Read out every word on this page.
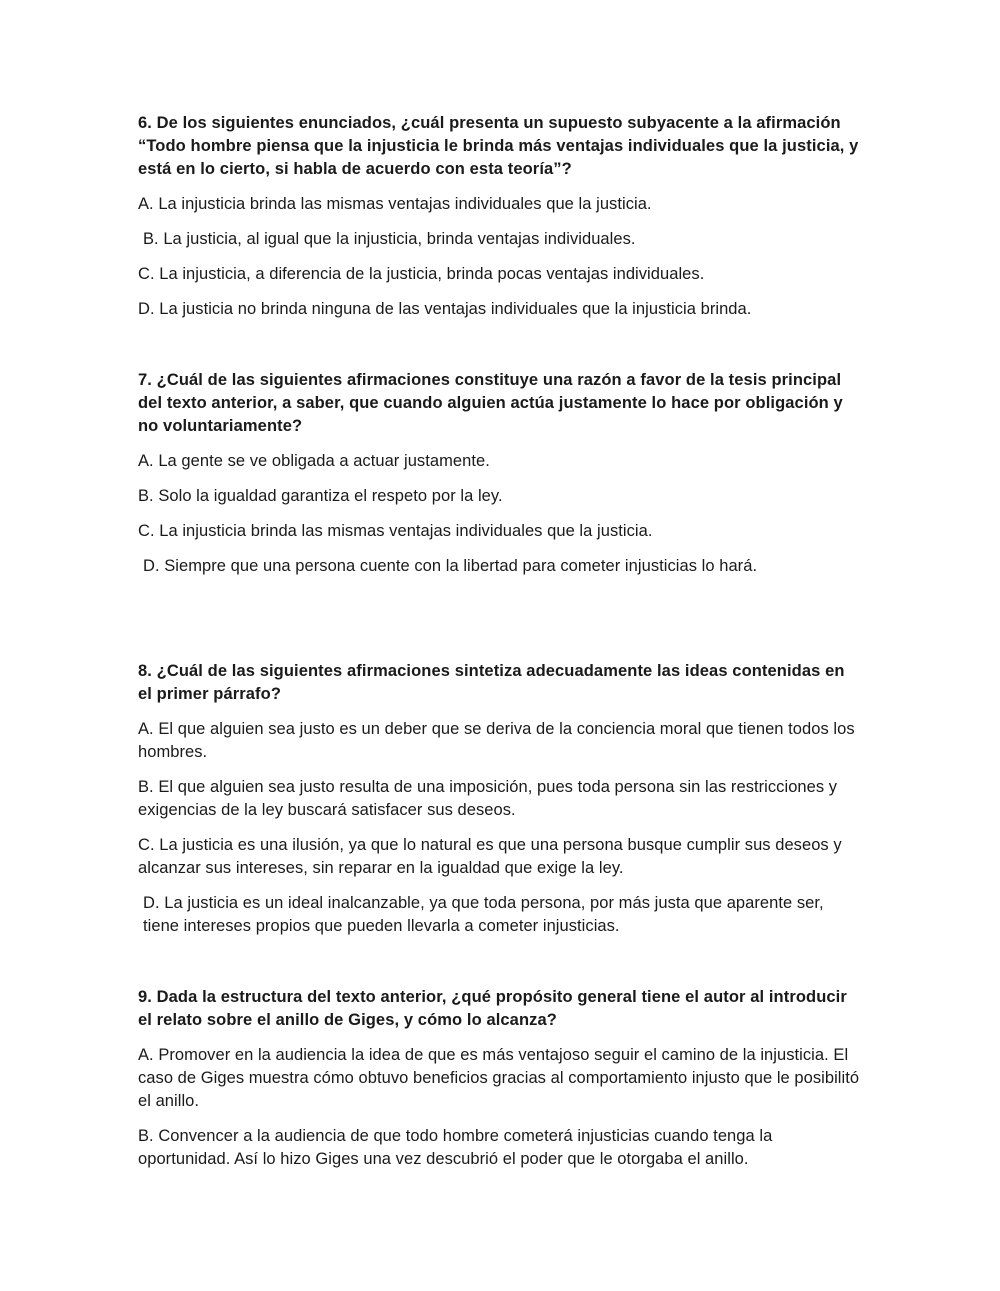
6. De los siguientes enunciados, ¿cuál presenta un supuesto subyacente a la afirmación “Todo hombre piensa que la injusticia le brinda más ventajas individuales que la justicia, y está en lo cierto, si habla de acuerdo con esta teoría”?

A. La injusticia brinda las mismas ventajas individuales que la justicia.

B. La justicia, al igual que la injusticia, brinda ventajas individuales.

C. La injusticia, a diferencia de la justicia, brinda pocas ventajas individuales.

D. La justicia no brinda ninguna de las ventajas individuales que la injusticia brinda.

7. ¿Cuál de las siguientes afirmaciones constituye una razón a favor de la tesis principal del texto anterior, a saber, que cuando alguien actúa justamente lo hace por obligación y no voluntariamente?

A. La gente se ve obligada a actuar justamente.

B. Solo la igualdad garantiza el respeto por la ley.

C. La injusticia brinda las mismas ventajas individuales que la justicia.

D. Siempre que una persona cuente con la libertad para cometer injusticias lo hará.

8. ¿Cuál de las siguientes afirmaciones sintetiza adecuadamente las ideas contenidas en el primer párrafo?

A. El que alguien sea justo es un deber que se deriva de la conciencia moral que tienen todos los hombres.

B. El que alguien sea justo resulta de una imposición, pues toda persona sin las restricciones y exigencias de la ley buscará satisfacer sus deseos.

C. La justicia es una ilusión, ya que lo natural es que una persona busque cumplir sus deseos y alcanzar sus intereses, sin reparar en la igualdad que exige la ley.

D. La justicia es un ideal inalcanzable, ya que toda persona, por más justa que aparente ser, tiene intereses propios que pueden llevarla a cometer injusticias.

9. Dada la estructura del texto anterior, ¿qué propósito general tiene el autor al introducir el relato sobre el anillo de Giges, y cómo lo alcanza?

A. Promover en la audiencia la idea de que es más ventajoso seguir el camino de la injusticia. El caso de Giges muestra cómo obtuvo beneficios gracias al comportamiento injusto que le posibilitó el anillo.

B. Convencer a la audiencia de que todo hombre cometerá injusticias cuando tenga la oportunidad. Así lo hizo Giges una vez descubrió el poder que le otorgaba el anillo.
